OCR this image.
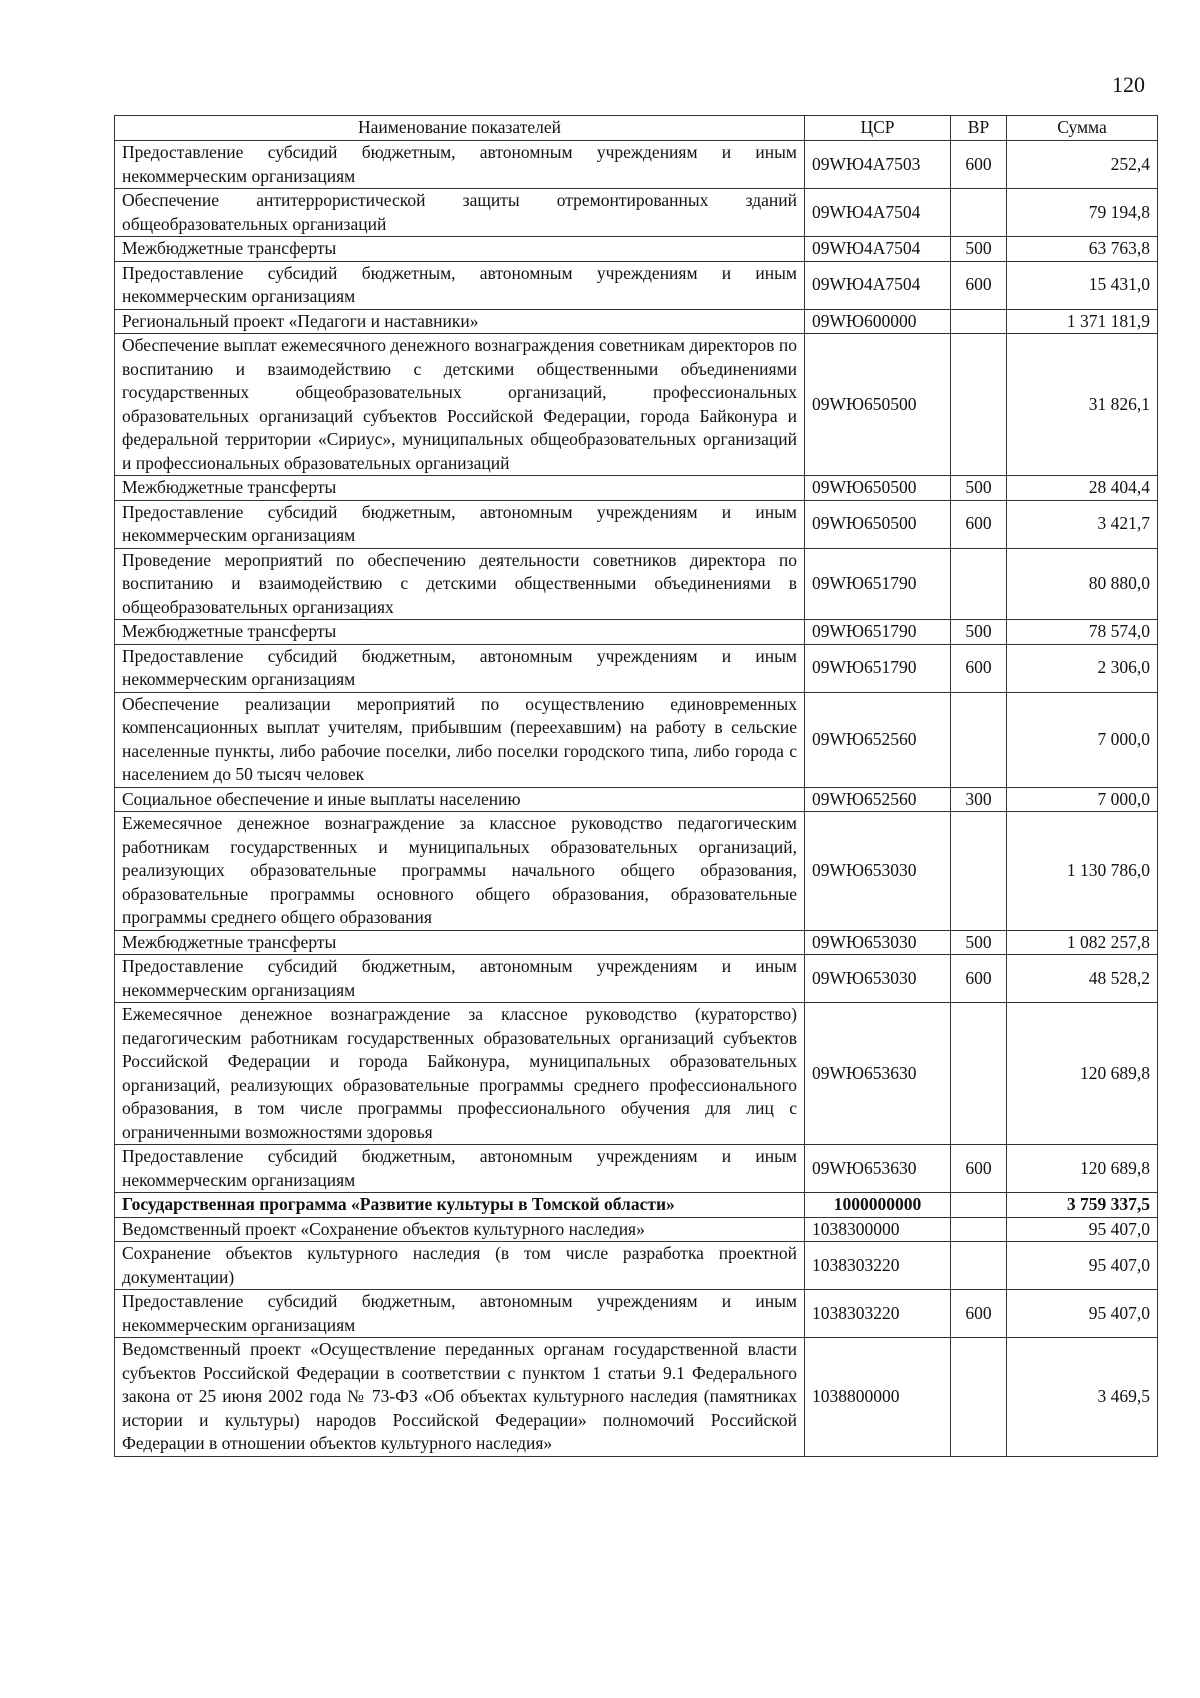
120
Наименование показателей	ЦСР	ВР	Сумма
Предоставление субсидий бюджетным, автономным учреждениям и иным некоммерческим организациям	09WЮ4А7503	600	252,4
Обеспечение антитеррористической защиты отремонтированных зданий общеобразовательных организаций	09WЮ4А7504		79 194,8
Межбюджетные трансферты	09WЮ4А7504	500	63 763,8
Предоставление субсидий бюджетным, автономным учреждениям и иным некоммерческим организациям	09WЮ4А7504	600	15 431,0
Региональный проект «Педагоги и наставники»	09WЮ600000		1 371 181,9
Обеспечение выплат ежемесячного денежного вознаграждения советникам директоров по воспитанию и взаимодействию с детскими общественными объединениями государственных общеобразовательных организаций, профессиональных образовательных организаций субъектов Российской Федерации, города Байконура и федеральной территории «Сириус», муниципальных общеобразовательных организаций и профессиональных образовательных организаций	09WЮ650500		31 826,1
Межбюджетные трансферты	09WЮ650500	500	28 404,4
Предоставление субсидий бюджетным, автономным учреждениям и иным некоммерческим организациям	09WЮ650500	600	3 421,7
Проведение мероприятий по обеспечению деятельности советников директора по воспитанию и взаимодействию с детскими общественными объединениями в общеобразовательных организациях	09WЮ651790		80 880,0
Межбюджетные трансферты	09WЮ651790	500	78 574,0
Предоставление субсидий бюджетным, автономным учреждениям и иным некоммерческим организациям	09WЮ651790	600	2 306,0
Обеспечение реализации мероприятий по осуществлению единовременных компенсационных выплат учителям, прибывшим (переехавшим) на работу в сельские населенные пункты, либо рабочие поселки, либо поселки городского типа, либо города с населением до 50 тысяч человек	09WЮ652560		7 000,0
Социальное обеспечение и иные выплаты населению	09WЮ652560	300	7 000,0
Ежемесячное денежное вознаграждение за классное руководство педагогическим работникам государственных и муниципальных образовательных организаций, реализующих образовательные программы начального общего образования, образовательные программы основного общего образования, образовательные программы среднего общего образования	09WЮ653030		1 130 786,0
Межбюджетные трансферты	09WЮ653030	500	1 082 257,8
Предоставление субсидий бюджетным, автономным учреждениям и иным некоммерческим организациям	09WЮ653030	600	48 528,2
Ежемесячное денежное вознаграждение за классное руководство (кураторство) педагогическим работникам государственных образовательных организаций субъектов Российской Федерации и города Байконура, муниципальных образовательных организаций, реализующих образовательные программы среднего профессионального образования, в том числе программы профессионального обучения для лиц с ограниченными возможностями здоровья	09WЮ653630		120 689,8
Предоставление субсидий бюджетным, автономным учреждениям и иным некоммерческим организациям	09WЮ653630	600	120 689,8
Государственная программа «Развитие культуры в Томской области»	1000000000		3 759 337,5
Ведомственный проект «Сохранение объектов культурного наследия»	1038300000		95 407,0
Сохранение объектов культурного наследия (в том числе разработка проектной документации)	1038303220		95 407,0
Предоставление субсидий бюджетным, автономным учреждениям и иным некоммерческим организациям	1038303220	600	95 407,0
Ведомственный проект «Осуществление переданных органам государственной власти субъектов Российской Федерации в соответствии с пунктом 1 статьи 9.1 Федерального закона от 25 июня 2002 года № 73-ФЗ «Об объектах культурного наследия (памятниках истории и культуры) народов Российской Федерации» полномочий Российской Федерации в отношении объектов культурного наследия»	1038800000		3 469,5
